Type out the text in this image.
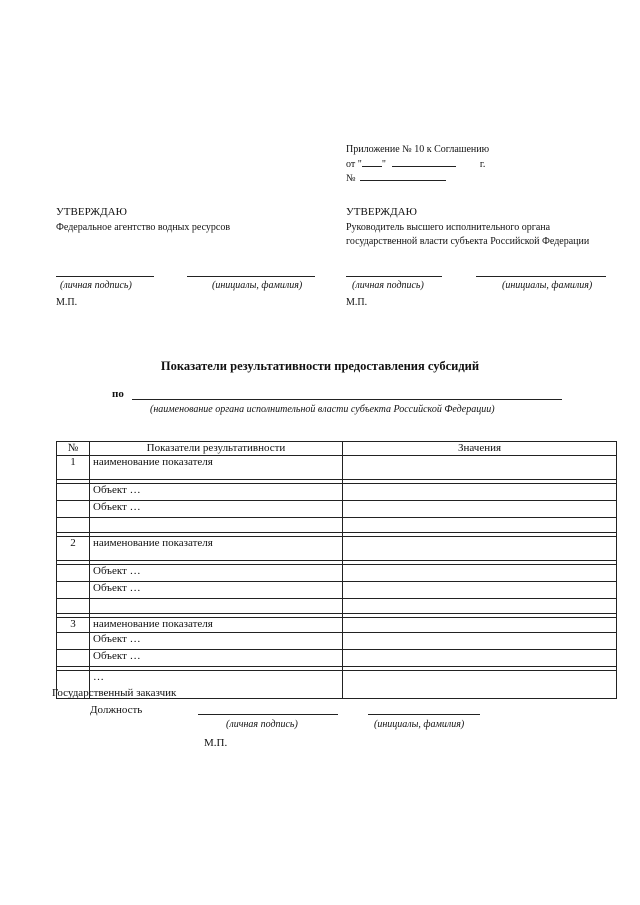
Приложение № 10 к Соглашению
от " "	г.
№
УТВЕРЖДАЮ
Федеральное агентство водных ресурсов
(личная подпись)	(инициалы, фамилия)
М.П.
УТВЕРЖДАЮ
Руководитель высшего исполнительного органа
государственной власти субъекта Российской Федерации
(личная подпись)	(инициалы, фамилия)
М.П.
Показатели результативности предоставления субсидий
по
(наименование органа исполнительной власти субъекта Российской Федерации)
№	Показатели результативности	Значения
1	наименование показателя	

	Объект …	
	Объект …	

2	наименование показателя	

	Объект …	
	Объект …	

3	наименование показателя	
	Объект …	
	Объект …	

	…	
Государственный заказчик
Должность
(личная подпись)	(инициалы, фамилия)
М.П.
